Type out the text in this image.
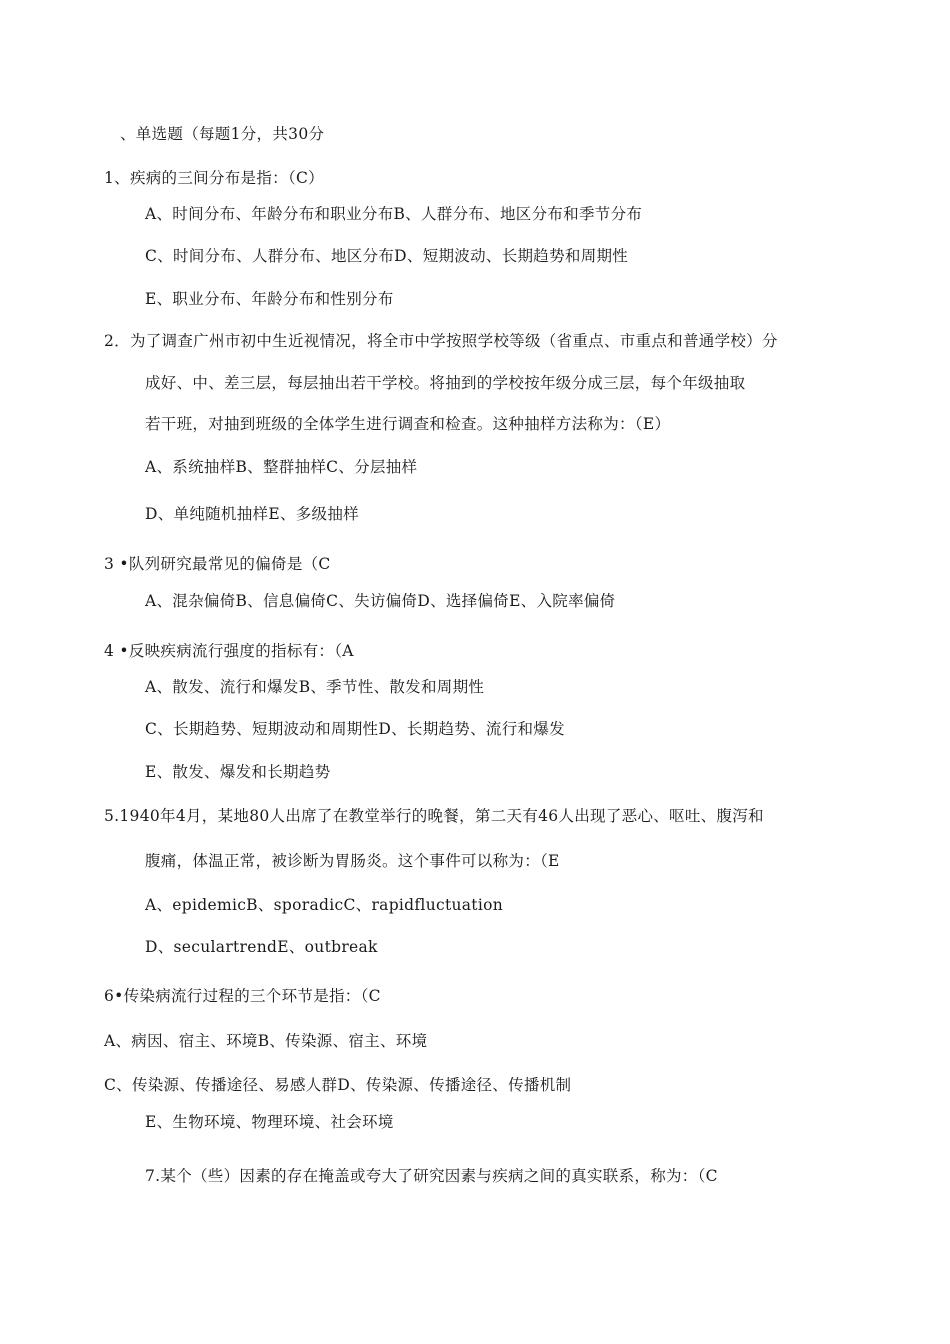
、单选题（每题1分，共30分
1、疾病的三间分布是指：（C）
A、时间分布、年龄分布和职业分布B、人群分布、地区分布和季节分布
C、时间分布、人群分布、地区分布D、短期波动、长期趋势和周期性
E、职业分布、年龄分布和性别分布
2．为了调查广州市初中生近视情况，将全市中学按照学校等级（省重点、市重点和普通学校）分
成好、中、差三层，每层抽出若干学校。将抽到的学校按年级分成三层，每个年级抽取
若干班，对抽到班级的全体学生进行调查和检查。这种抽样方法称为：（E）
A、系统抽样B、整群抽样C、分层抽样
D、单纯随机抽样E、多级抽样
3 •队列研究最常见的偏倚是（C
A、混杂偏倚B、信息偏倚C、失访偏倚D、选择偏倚E、入院率偏倚
4 •反映疾病流行强度的指标有：（A
A、散发、流行和爆发B、季节性、散发和周期性
C、长期趋势、短期波动和周期性D、长期趋势、流行和爆发
E、散发、爆发和长期趋势
5.1940年4月，某地80人出席了在教堂举行的晚餐，第二天有46人出现了恶心、呕吐、腹泻和
腹痛，体温正常，被诊断为胃肠炎。这个事件可以称为：（E
A、epidemicB、sporadicC、rapidfluctuation
D、seculartrendE、outbreak
6•传染病流行过程的三个环节是指：（C
A、病因、宿主、环境B、传染源、宿主、环境
C、传染源、传播途径、易感人群D、传染源、传播途径、传播机制
E、生物环境、物理环境、社会环境
7.某个（些）因素的存在掩盖或夸大了研究因素与疾病之间的真实联系，称为：（C
